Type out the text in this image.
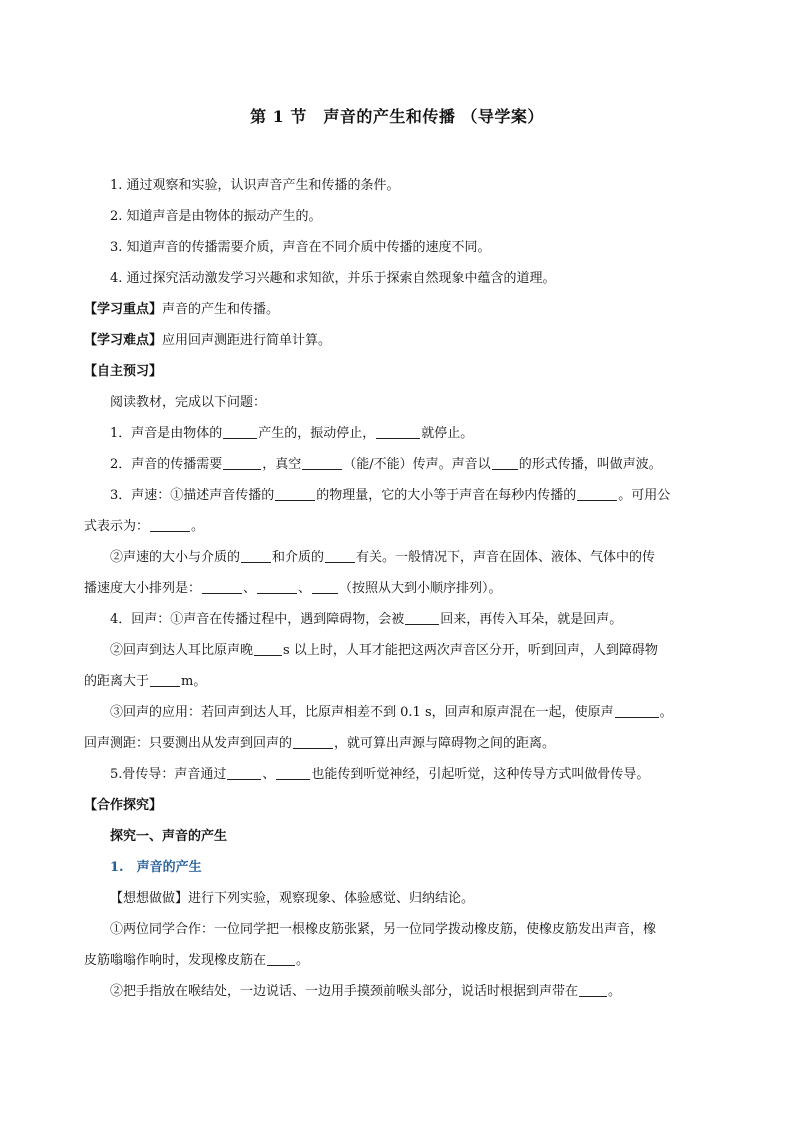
第 1 节　声音的产生和传播 （导学案）
1. 通过观察和实验，认识声音产生和传播的条件。
2. 知道声音是由物体的振动产生的。
3. 知道声音的传播需要介质，声音在不同介质中传播的速度不同。
4. 通过探究活动激发学习兴趣和求知欲，并乐于探索自然现象中蕴含的道理。
【学习重点】声音的产生和传播。
【学习难点】应用回声测距进行简单计算。
【自主预习】
阅读教材，完成以下问题：
1．声音是由物体的	产生的，振动停止，	就停止。
2．声音的传播需要	，真空	（能/不能）传声。声音以 的形式传播，叫做声波。
3．声速：①描述声音传播的	的物理量，它的大小等于声音在每秒内传播的	。可用公
式表示为：	。
②声速的大小与介质的 和介质的 有关。一般情况下，声音在固体、液体、气体中的传
播速度大小排列是：	、	、 （按照从大到小顺序排列）。
4．回声：①声音在传播过程中，遇到障碍物，会被	回来，再传入耳朵，就是回声。
②回声到达人耳比原声晚 s 以上时，人耳才能把这两次声音区分开，听到回声，人到障碍物
的距离大于 m。
③回声的应用：若回声到达人耳，比原声相差不到 0.1 s，回声和原声混在一起，使原声	。
回声测距：只要测出从发声到回声的	，就可算出声源与障碍物之间的距离。
5.骨传导：声音通过	、	也能传到听觉神经，引起听觉，这种传导方式叫做骨传导。
【合作探究】
探究一、声音的产生
1.　声音的产生
【想想做做】进行下列实验，观察现象、体验感觉、归纳结论。
①两位同学合作：一位同学把一根橡皮筋张紧，另一位同学拨动橡皮筋，使橡皮筋发出声音，橡
皮筋嗡嗡作响时，发现橡皮筋在 。
②把手指放在喉结处，一边说话、一边用手摸颈前喉头部分，说话时根据到声带在 。
